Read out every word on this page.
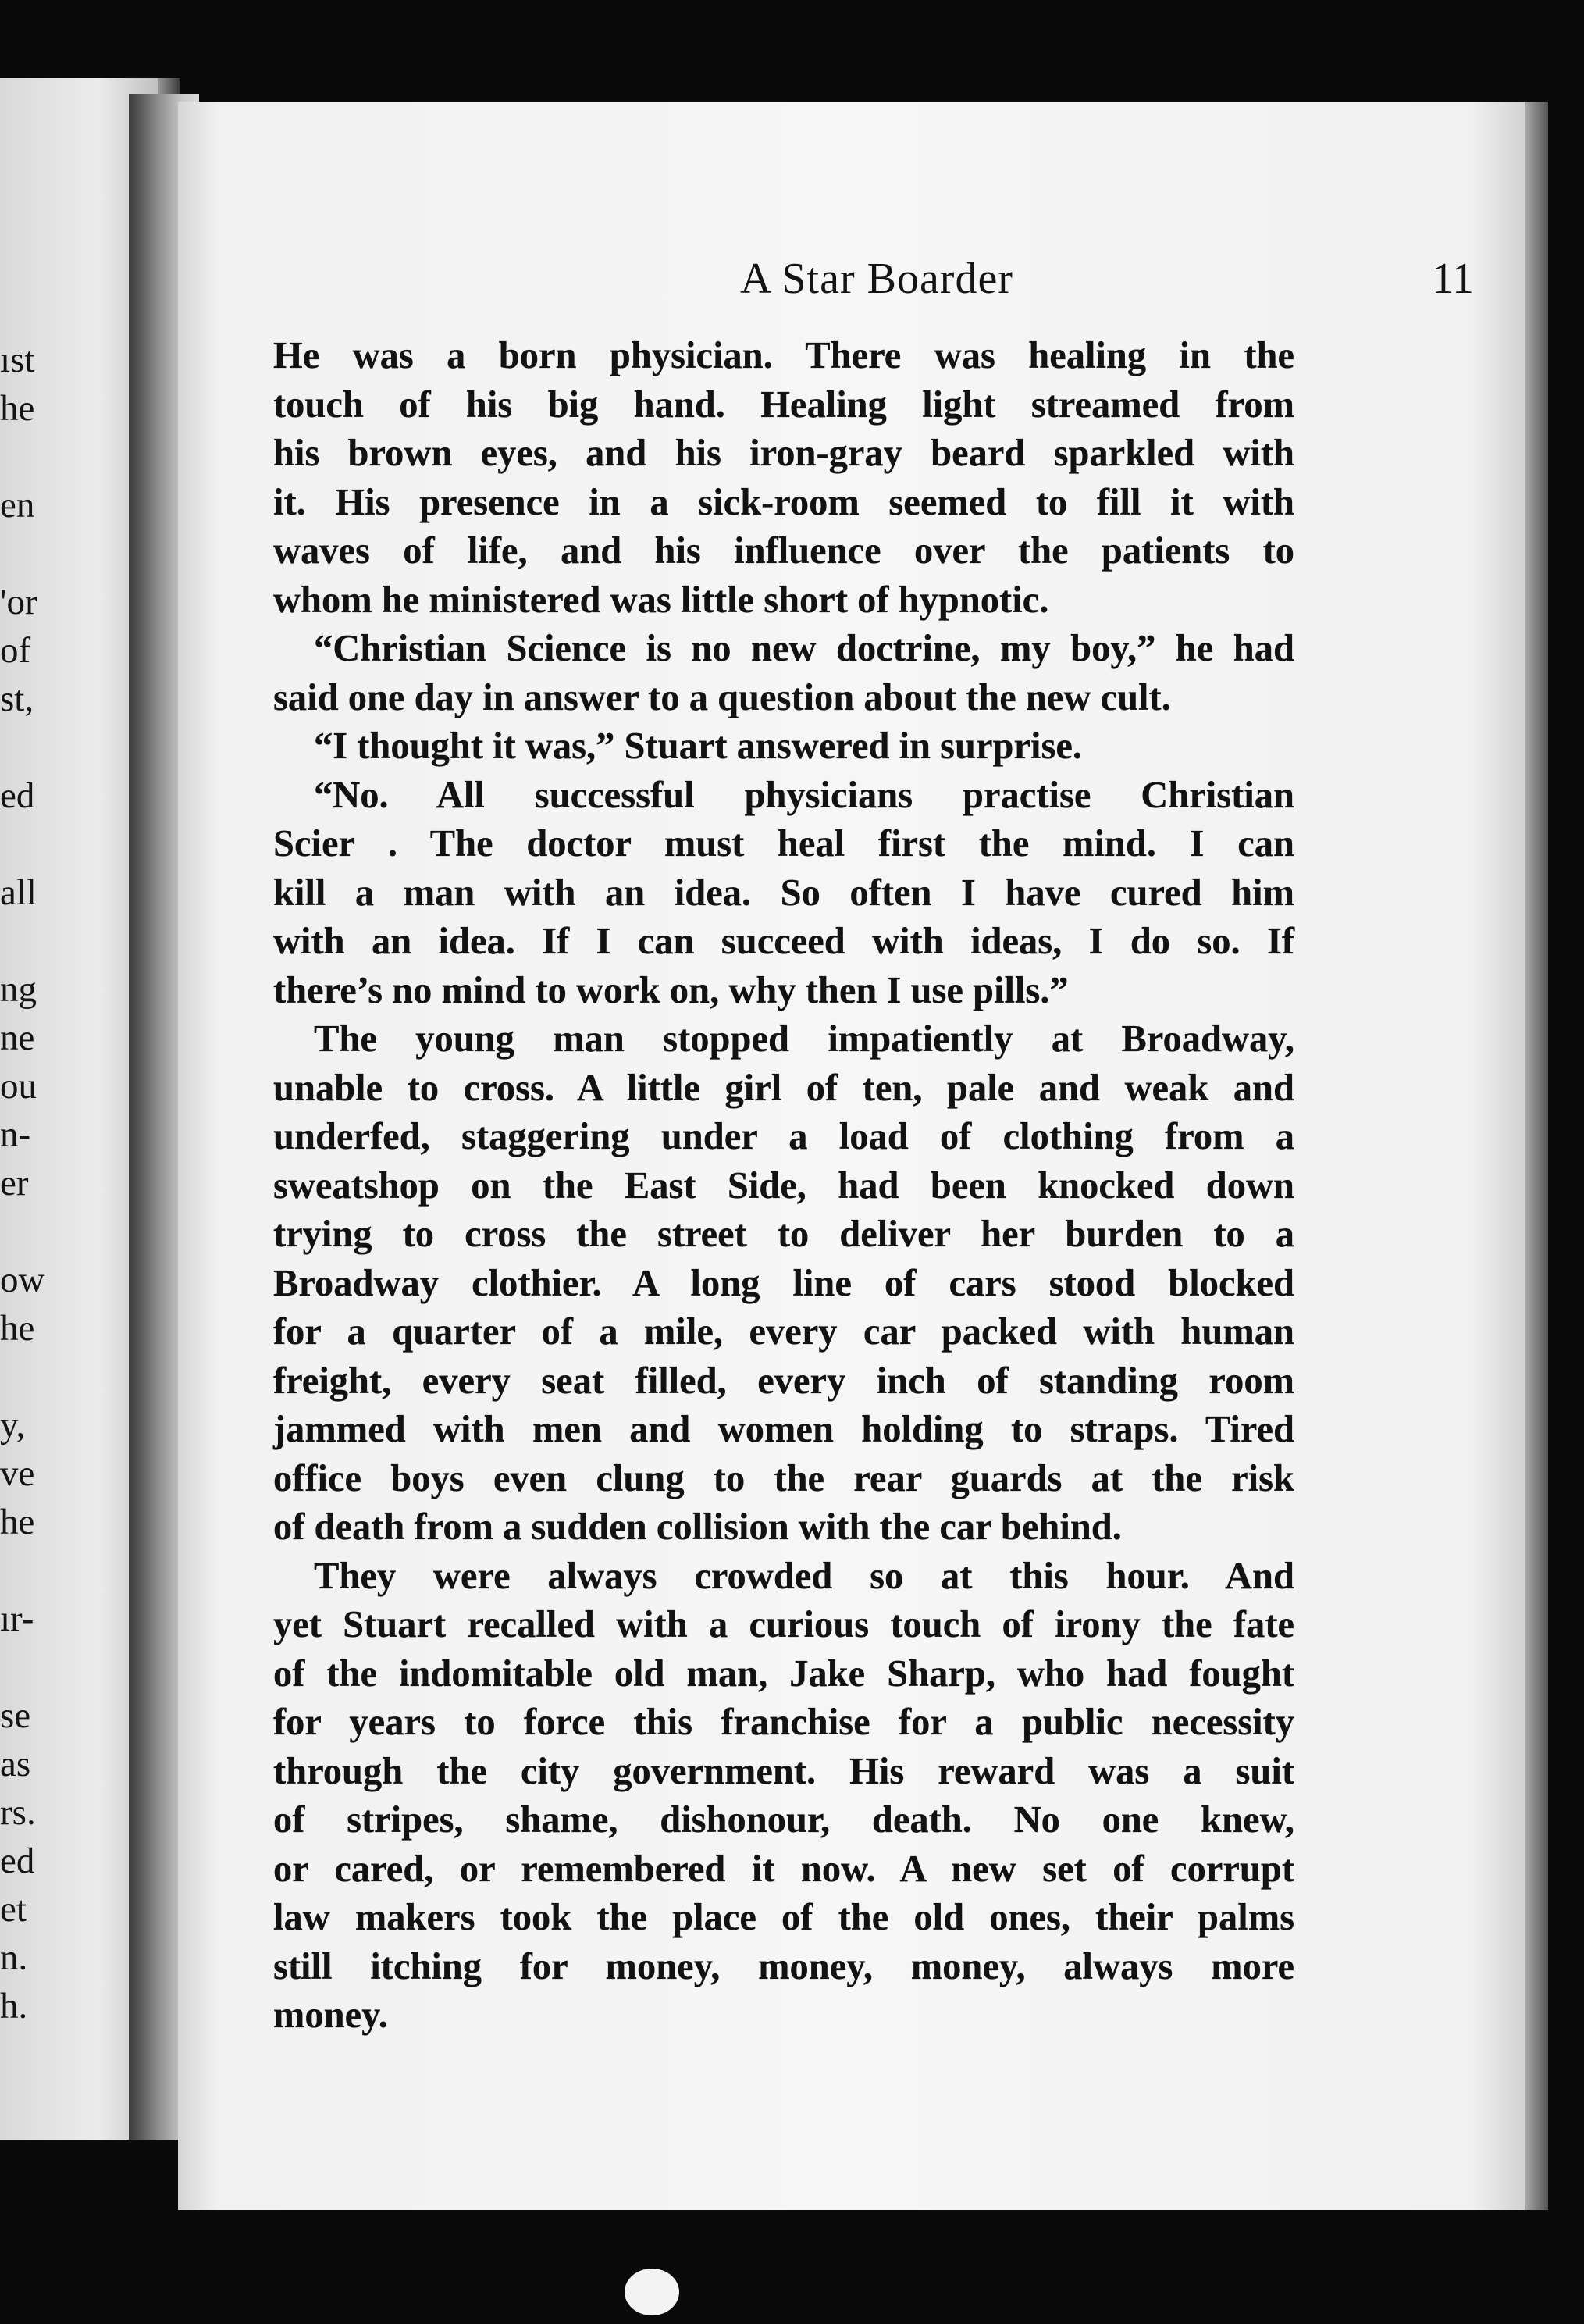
ıst
he
en
'or
of
st,
ed
all
ng
ne
ou
n-
er
ow
he
y,
ve
he
ır-
se
as
rs.
ed
et
n.
h.
A Star Boarder	11
He was a born physician. There was healing in the
touch of his big hand. Healing light streamed from
his brown eyes, and his iron-gray beard sparkled with
it. His presence in a sick-room seemed to fill it with
waves of life, and his influence over the patients to
whom he ministered was little short of hypnotic.
“Christian Science is no new doctrine, my boy,” he had
said one day in answer to a question about the new cult.
“I thought it was,” Stuart answered in surprise.
“No. All successful physicians practise Christian
Scier . The doctor must heal first the mind. I can
kill a man with an idea. So often I have cured him
with an idea. If I can succeed with ideas, I do so. If
there’s no mind to work on, why then I use pills.”
The young man stopped impatiently at Broadway,
unable to cross. A little girl of ten, pale and weak and
underfed, staggering under a load of clothing from a
sweatshop on the East Side, had been knocked down
trying to cross the street to deliver her burden to a
Broadway clothier. A long line of cars stood blocked
for a quarter of a mile, every car packed with human
freight, every seat filled, every inch of standing room
jammed with men and women holding to straps. Tired
office boys even clung to the rear guards at the risk
of death from a sudden collision with the car behind.
They were always crowded so at this hour. And
yet Stuart recalled with a curious touch of irony the fate
of the indomitable old man, Jake Sharp, who had fought
for years to force this franchise for a public necessity
through the city government. His reward was a suit
of stripes, shame, dishonour, death. No one knew,
or cared, or remembered it now. A new set of corrupt
law makers took the place of the old ones, their palms
still itching for money, money, money, always more
money.
